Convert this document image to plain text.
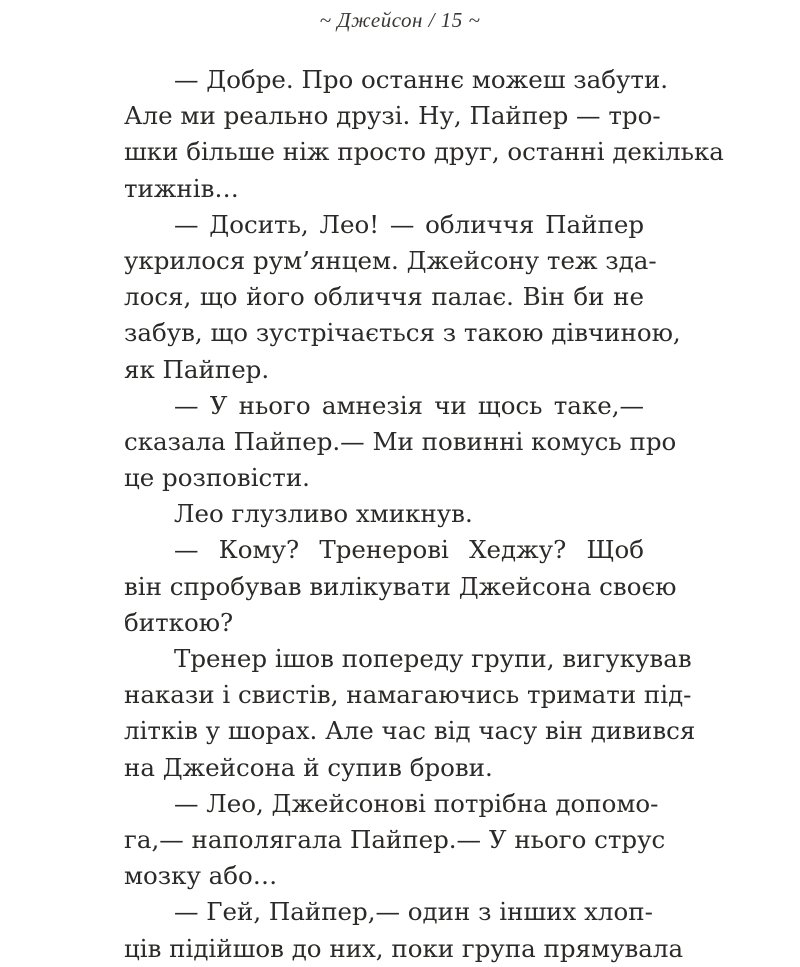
~ Джейсон / 15 ~
— Добре. Про останнє можеш забути.
Але ми реально друзі. Ну, Пайпер — тро-
шки більше ніж просто друг, останні декілька
тижнів…
— Досить, Лео! — обличчя Пайпер
укрилося рум’янцем. Джейсону теж зда-
лося, що його обличчя палає. Він би не
забув, що зустрічається з такою дівчиною,
як Пайпер.
— У нього амнезія чи щось таке,—
сказала Пайпер.— Ми повинні комусь про
це розповісти.
Лео глузливо хмикнув.
— Кому? Тренерові Хеджу? Щоб
він спробував вилікувати Джейсона своєю
биткою?
Тренер ішов попереду групи, вигукував
накази і свистів, намагаючись тримати під-
літків у шорах. Але час від часу він дивився
на Джейсона й супив брови.
— Лео, Джейсонові потрібна допомо-
га,— наполягала Пайпер.— У нього струс
мозку або…
— Гей, Пайпер,— один з інших хлоп-
ців підійшов до них, поки група прямувала
